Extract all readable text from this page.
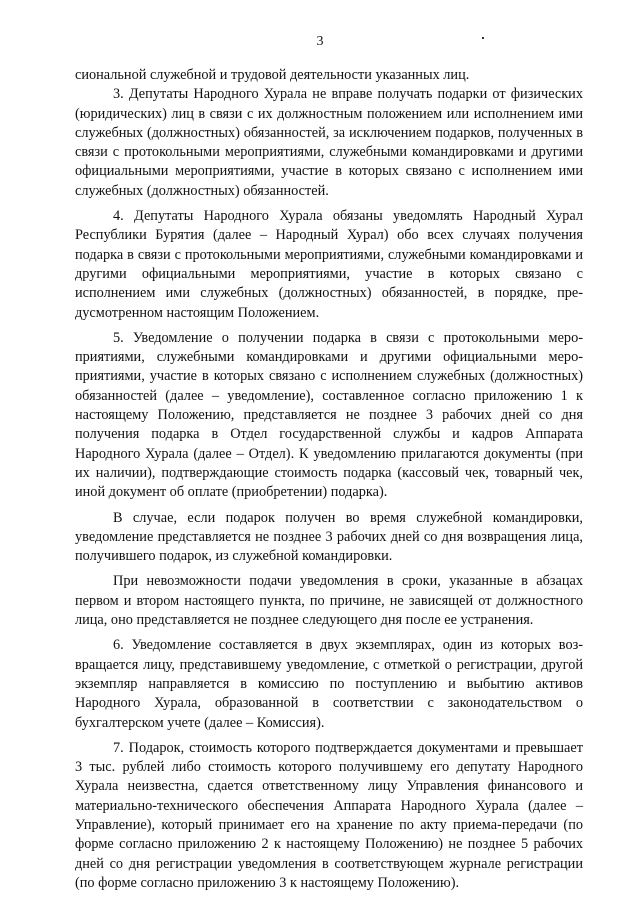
3

сиональной служебной и трудовой деятельности указанных лиц.

3. Депутаты Народного Хурала не вправе получать подарки от физических (юридических) лиц в связи с их должностным положением или исполнением ими служебных (должностных) обязанностей, за исключением подарков, полученных в связи с протокольными мероприятиями, служебными командировками и другими официальными мероприятиями, участие в которых связано с исполнением ими служебных (должностных) обязанностей.

4. Депутаты Народного Хурала обязаны уведомлять Народный Хурал Республики Бурятия (далее – Народный Хурал) обо всех случаях получения подарка в связи с протокольными мероприятиями, служебными командировками и другими официальными мероприятиями, участие в которых связано с исполнением ими служебных (должностных) обязанностей, в порядке, предусмотренном настоящим Положением.

5. Уведомление о получении подарка в связи с протокольными мероприятиями, служебными командировками и другими официальными мероприятиями, участие в которых связано с исполнением служебных (должностных) обязанностей (далее – уведомление), составленное согласно приложению 1 к настоящему Положению, представляется не позднее 3 рабочих дней со дня получения подарка в Отдел государственной службы и кадров Аппарата Народного Хурала (далее – Отдел). К уведомлению прилагаются документы (при их наличии), подтверждающие стоимость подарка (кассовый чек, товарный чек, иной документ об оплате (приобретении) подарка).

В случае, если подарок получен во время служебной командировки, уведомление представляется не позднее 3 рабочих дней со дня возвращения лица, получившего подарок, из служебной командировки.

При невозможности подачи уведомления в сроки, указанные в абзацах первом и втором настоящего пункта, по причине, не зависящей от должностного лица, оно представляется не позднее следующего дня после ее устранения.

6. Уведомление составляется в двух экземплярах, один из которых возвращается лицу, представившему уведомление, с отметкой о регистрации, другой экземпляр направляется в комиссию по поступлению и выбытию активов Народного Хурала, образованной в соответствии с законодательством о бухгалтерском учете (далее – Комиссия).

7. Подарок, стоимость которого подтверждается документами и превышает 3 тыс. рублей либо стоимость которого получившему его депутату Народного Хурала неизвестна, сдается ответственному лицу Управления финансового и материально-технического обеспечения Аппарата Народного Хурала (далее – Управление), который принимает его на хранение по акту приема-передачи (по форме согласно приложению 2 к настоящему Положению) не позднее 5 рабочих дней со дня регистрации уведомления в соответствующем журнале регистрации (по форме согласно приложению 3 к настоящему Положению).
